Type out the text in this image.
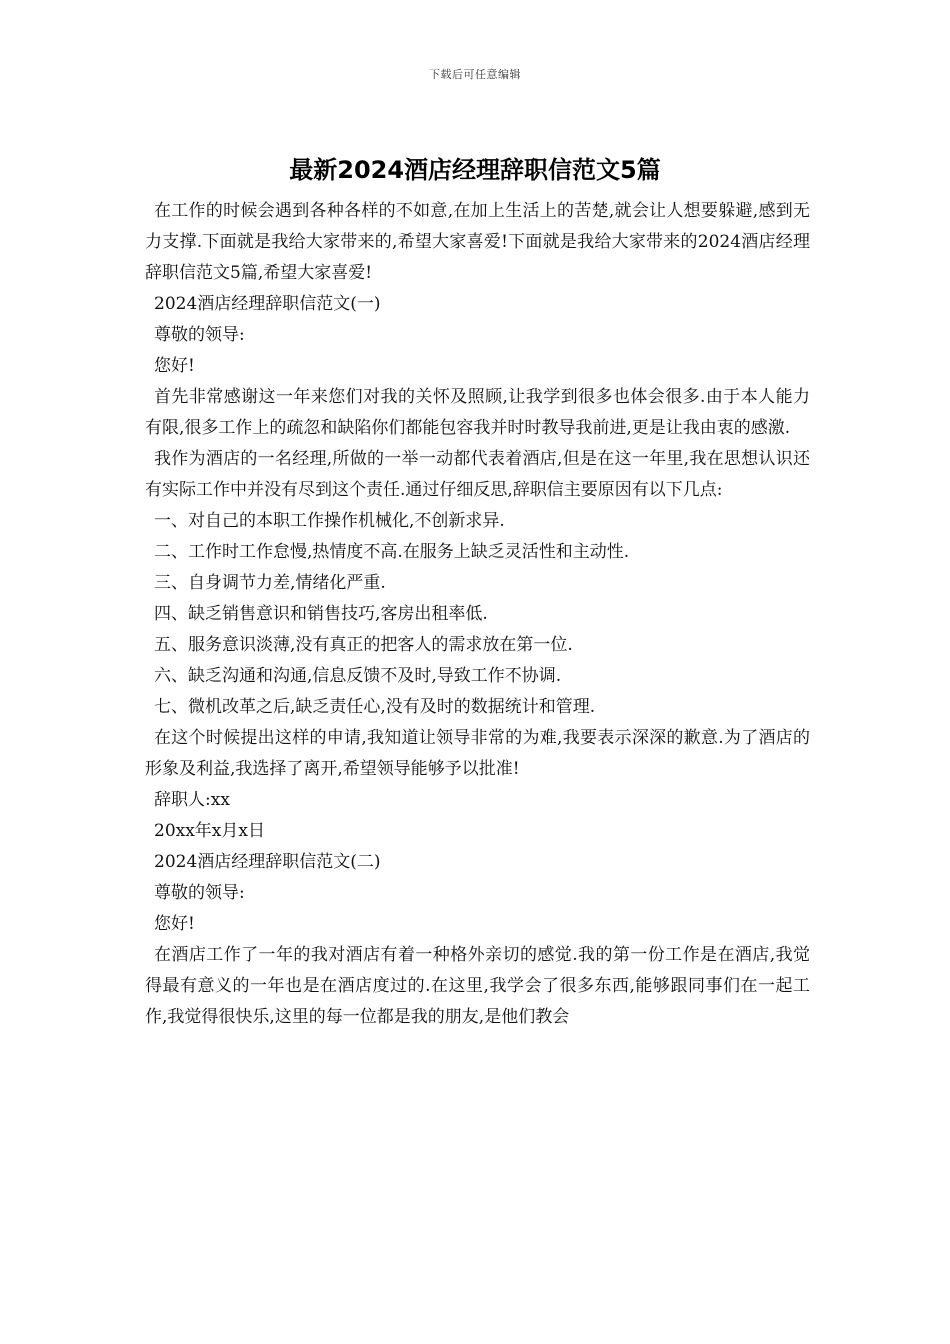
下载后可任意编辑
最新2024酒店经理辞职信范文5篇

在工作的时候会遇到各种各样的不如意,在加上生活上的苦楚,就会让人想要躲避,感到无力支撑.下面就是我给大家带来的,希望大家喜爱!下面就是我给大家带来的2024酒店经理辞职信范文5篇,希望大家喜爱!

2024酒店经理辞职信范文(一)

尊敬的领导:

您好!

首先非常感谢这一年来您们对我的关怀及照顾,让我学到很多也体会很多.由于本人能力有限,很多工作上的疏忽和缺陷你们都能包容我并时时教导我前进,更是让我由衷的感激.

我作为酒店的一名经理,所做的一举一动都代表着酒店,但是在这一年里,我在思想认识还有实际工作中并没有尽到这个责任.通过仔细反思,辞职信主要原因有以下几点:

一、对自己的本职工作操作机械化,不创新求异.

二、工作时工作怠慢,热情度不高.在服务上缺乏灵活性和主动性.

三、自身调节力差,情绪化严重.

四、缺乏销售意识和销售技巧,客房出租率低.

五、服务意识淡薄,没有真正的把客人的需求放在第一位.

六、缺乏沟通和沟通,信息反馈不及时,导致工作不协调.

七、微机改革之后,缺乏责任心,没有及时的数据统计和管理.

在这个时候提出这样的申请,我知道让领导非常的为难,我要表示深深的歉意.为了酒店的形象及利益,我选择了离开,希望领导能够予以批准!

辞职人:xx

20xx年x月x日

2024酒店经理辞职信范文(二)

尊敬的领导:

您好!

在酒店工作了一年的我对酒店有着一种格外亲切的感觉.我的第一份工作是在酒店,我觉得最有意义的一年也是在酒店度过的.在这里,我学会了很多东西,能够跟同事们在一起工作,我觉得很快乐,这里的每一位都是我的朋友,是他们教会
